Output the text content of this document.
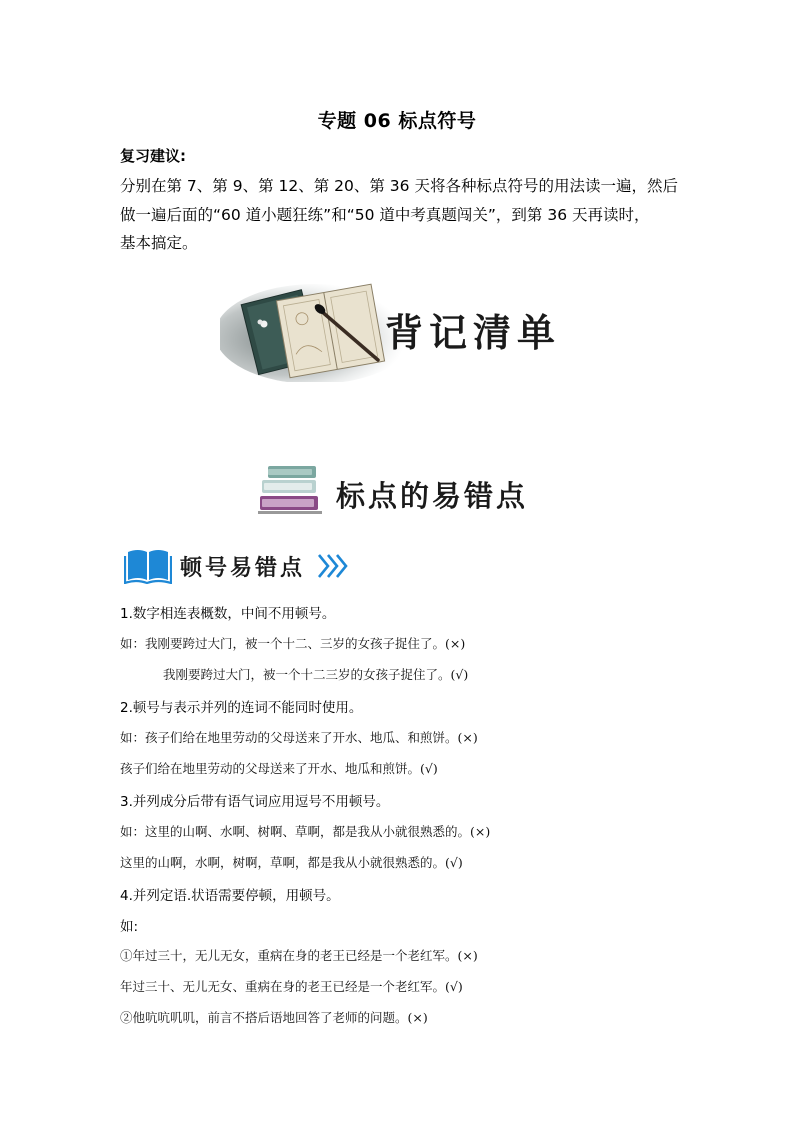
专题 06 标点符号
复习建议:
分别在第 7、第 9、第 12、第 20、第 36 天将各种标点符号的用法读一遍，然后
做一遍后面的“60 道小题狂练”和“50 道中考真题闯关”，到第 36 天再读时，
基本搞定。
背记清单
标点的易错点
顿号易错点
1.数字相连表概数，中间不用顿号。
如：我刚要跨过大门，被一个十二、三岁的女孩子捉住了。(×)
我刚要跨过大门，被一个十二三岁的女孩子捉住了。(√)
2.顿号与表示并列的连词不能同时使用。
如：孩子们给在地里劳动的父母送来了开水、地瓜、和煎饼。(×)
孩子们给在地里劳动的父母送来了开水、地瓜和煎饼。(√)
3.并列成分后带有语气词应用逗号不用顿号。
如：这里的山啊、水啊、树啊、草啊，都是我从小就很熟悉的。(×)
这里的山啊，水啊，树啊，草啊，都是我从小就很熟悉的。(√)
4.并列定语.状语需要停顿，用顿号。
如:
①年过三十，无儿无女，重病在身的老王已经是一个老红军。(×)
年过三十、无儿无女、重病在身的老王已经是一个老红军。(√)
②他吭吭叽叽，前言不搭后语地回答了老师的问题。(×)
